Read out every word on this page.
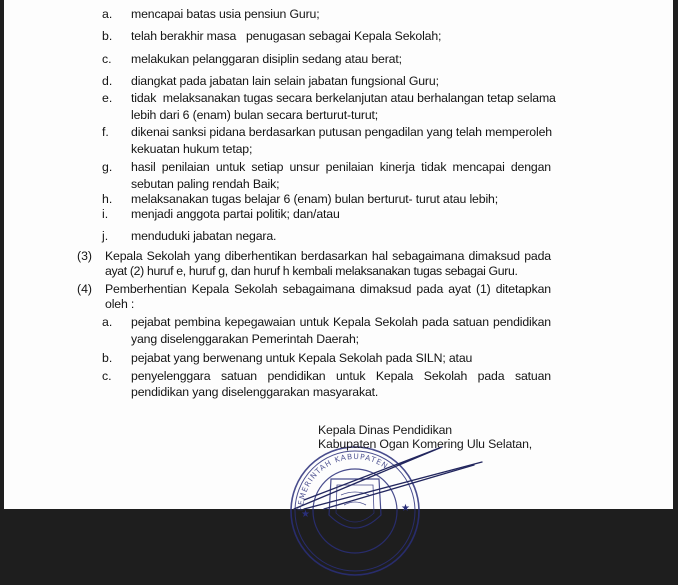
a. mencapai batas usia pensiun Guru;
b. telah berakhir masa   penugasan sebagai Kepala Sekolah;
c. melakukan pelanggaran disiplin sedang atau berat;
d. diangkat pada jabatan lain selain jabatan fungsional Guru;
e. tidak  melaksanakan tugas secara berkelanjutan atau berhalangan tetap selama
lebih dari 6 (enam) bulan secara berturut-turut;
f. dikenai sanksi pidana berdasarkan putusan pengadilan yang telah memperoleh
kekuatan hukum tetap;
g. hasil penilaian untuk setiap unsur penilaian kinerja tidak mencapai dengan
sebutan paling rendah Baik;
h. melaksanakan tugas belajar 6 (enam) bulan berturut- turut atau lebih;
i. menjadi anggota partai politik; dan/atau
j. menduduki jabatan negara.
(3) Kepala Sekolah yang diberhentikan berdasarkan hal sebagaimana dimaksud pada
ayat (2) huruf e, huruf g, dan huruf h kembali melaksanakan tugas sebagai Guru.
(4) Pemberhentian Kepala Sekolah sebagaimana dimaksud pada ayat (1) ditetapkan
oleh :
a. pejabat pembina kepegawaian untuk Kepala Sekolah pada satuan pendidikan
yang diselenggarakan Pemerintah Daerah;
b. pejabat yang berwenang untuk Kepala Sekolah pada SILN; atau
c. penyelenggara satuan pendidikan untuk Kepala Sekolah pada satuan
pendidikan yang diselenggarakan masyarakat.
★
★
PEMERINTAH KABUPATEN
Kepala Dinas Pendidikan
Kabupaten Ogan Komering Ulu Selatan,
